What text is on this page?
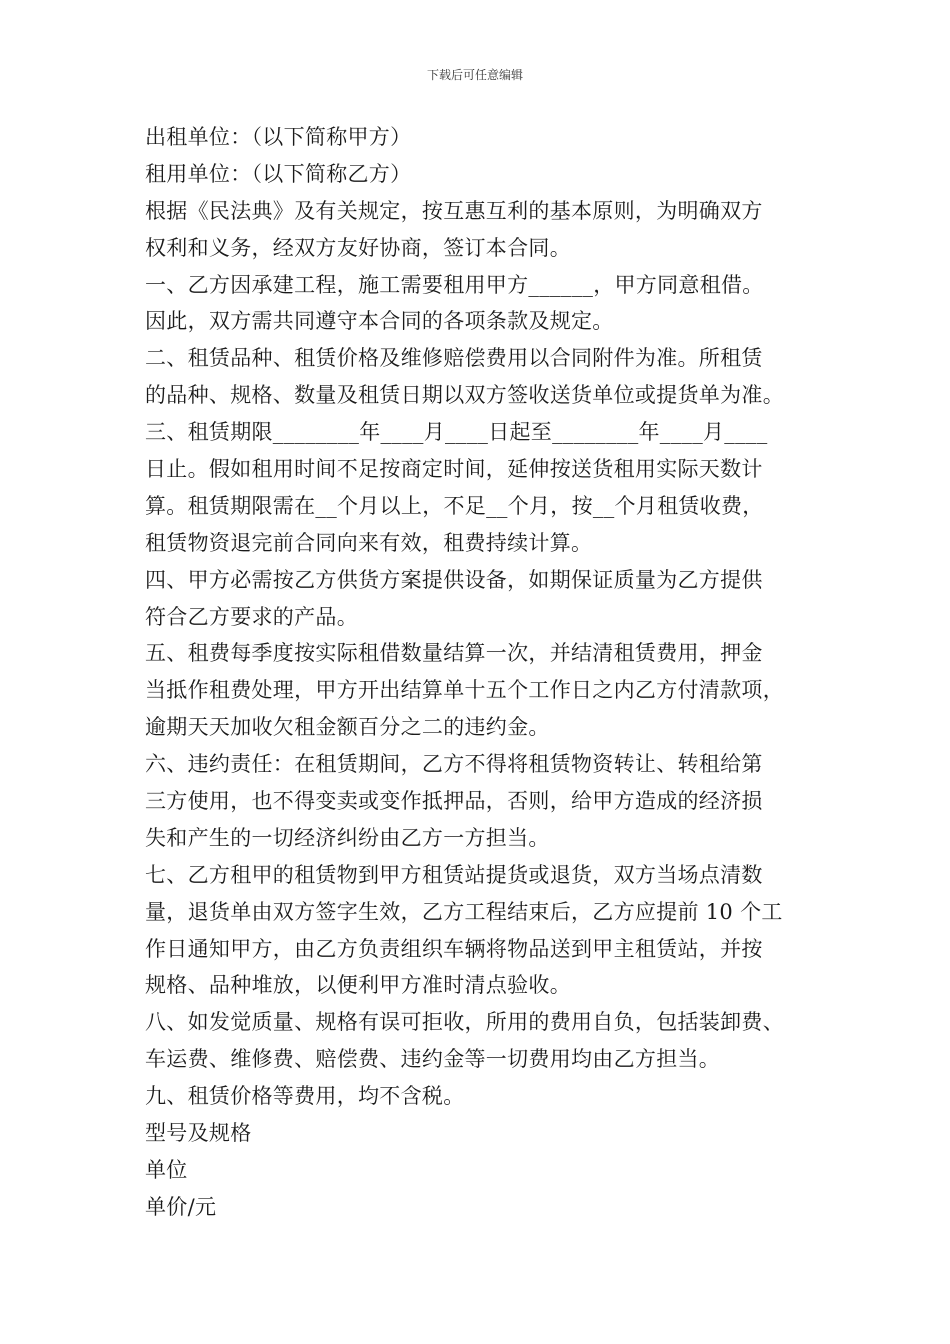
下载后可任意编辑
出租单位：（以下简称甲方）
租用单位：（以下简称乙方）
根据《民法典》及有关规定，按互惠互利的基本原则，为明确双方
权利和义务，经双方友好协商，签订本合同。
一、乙方因承建工程，施工需要租用甲方______，甲方同意租借。
因此，双方需共同遵守本合同的各项条款及规定。
二、租赁品种、租赁价格及维修赔偿费用以合同附件为准。所租赁
的品种、规格、数量及租赁日期以双方签收送货单位或提货单为准。
三、租赁期限________年____月____日起至________年____月____
日止。假如租用时间不足按商定时间，延伸按送货租用实际天数计
算。租赁期限需在__个月以上，不足__个月，按__个月租赁收费，
租赁物资退完前合同向来有效，租费持续计算。
四、甲方必需按乙方供货方案提供设备，如期保证质量为乙方提供
符合乙方要求的产品。
五、租费每季度按实际租借数量结算一次，并结清租赁费用，押金
当抵作租费处理，甲方开出结算单十五个工作日之内乙方付清款项，
逾期天天加收欠租金额百分之二的违约金。
六、违约责任：在租赁期间，乙方不得将租赁物资转让、转租给第
三方使用，也不得变卖或变作抵押品，否则，给甲方造成的经济损
失和产生的一切经济纠纷由乙方一方担当。
七、乙方租甲的租赁物到甲方租赁站提货或退货，双方当场点清数
量，退货单由双方签字生效，乙方工程结束后，乙方应提前 10 个工
作日通知甲方，由乙方负责组织车辆将物品送到甲主租赁站，并按
规格、品种堆放，以便利甲方准时清点验收。
八、如发觉质量、规格有误可拒收，所用的费用自负，包括装卸费、
车运费、维修费、赔偿费、违约金等一切费用均由乙方担当。
九、租赁价格等费用，均不含税。
型号及规格
单位
单价/元
